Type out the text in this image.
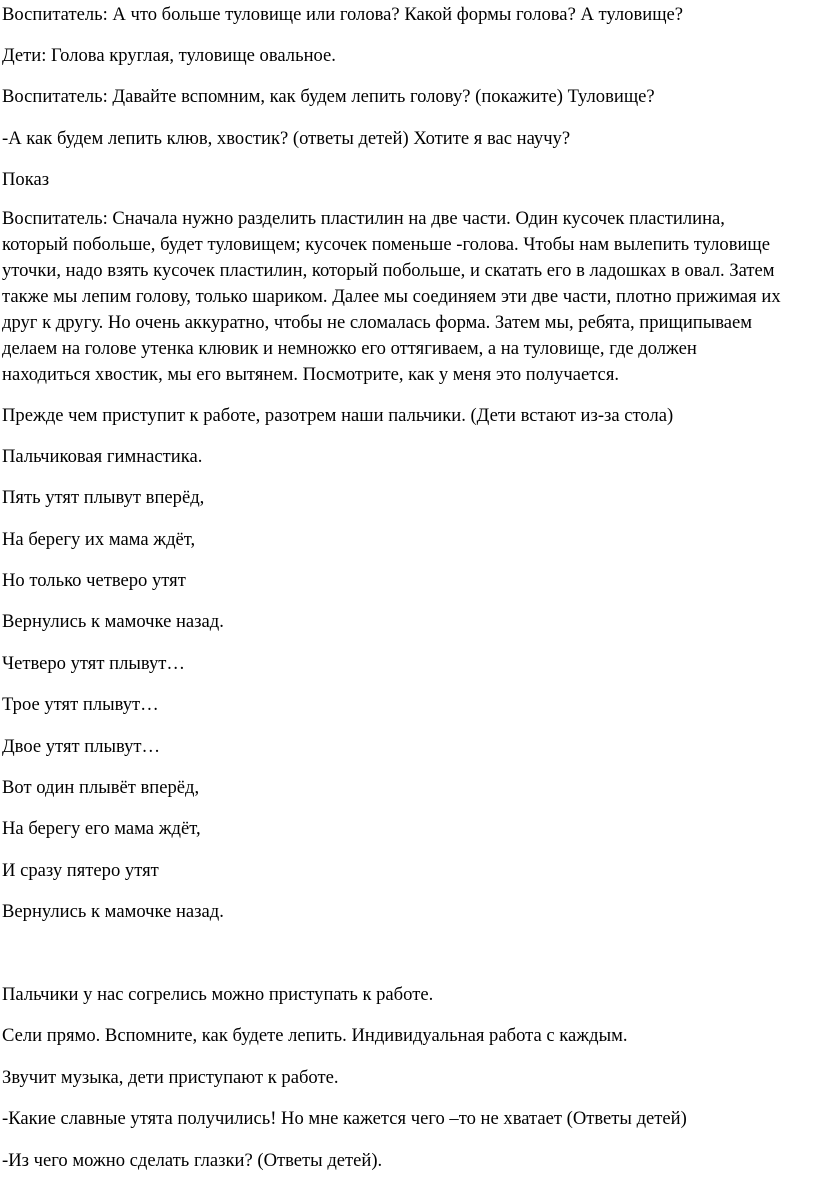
Воспитатель: А что больше туловище или голова? Какой формы голова? А туловище?

Дети: Голова круглая, туловище овальное.

Воспитатель: Давайте вспомним, как будем лепить голову? (покажите) Туловище?

-А как будем лепить клюв, хвостик? (ответы детей) Хотите я вас научу?

Показ

Воспитатель: Сначала нужно разделить пластилин на две части. Один кусочек пластилина,
который побольше, будет туловищем; кусочек поменьше -голова. Чтобы нам вылепить туловище
уточки, надо взять кусочек пластилин, который побольше, и скатать его в ладошках в овал. Затем
также мы лепим голову, только шариком. Далее мы соединяем эти две части, плотно прижимая их
друг к другу. Но очень аккуратно, чтобы не сломалась форма. Затем мы, ребята, прищипываем
делаем на голове утенка клювик и немножко его оттягиваем, а на туловище, где должен
находиться хвостик, мы его вытянем. Посмотрите, как у меня это получается.

Прежде чем приступит к работе, разотрем наши пальчики. (Дети встают из-за стола)

Пальчиковая гимнастика.

Пять утят плывут вперёд,

На берегу их мама ждёт,

Но только четверо утят

Вернулись к мамочке назад.

Четверо утят плывут…

Трое утят плывут…

Двое утят плывут…

Вот один плывёт вперёд,

На берегу его мама ждёт,

И сразу пятеро утят

Вернулись к мамочке назад.

Пальчики у нас согрелись можно приступать к работе.

Сели прямо. Вспомните, как будете лепить. Индивидуальная работа с каждым.

Звучит музыка, дети приступают к работе.

-Какие славные утята получились! Но мне кажется чего –то не хватает (Ответы детей)

-Из чего можно сделать глазки? (Ответы детей).
